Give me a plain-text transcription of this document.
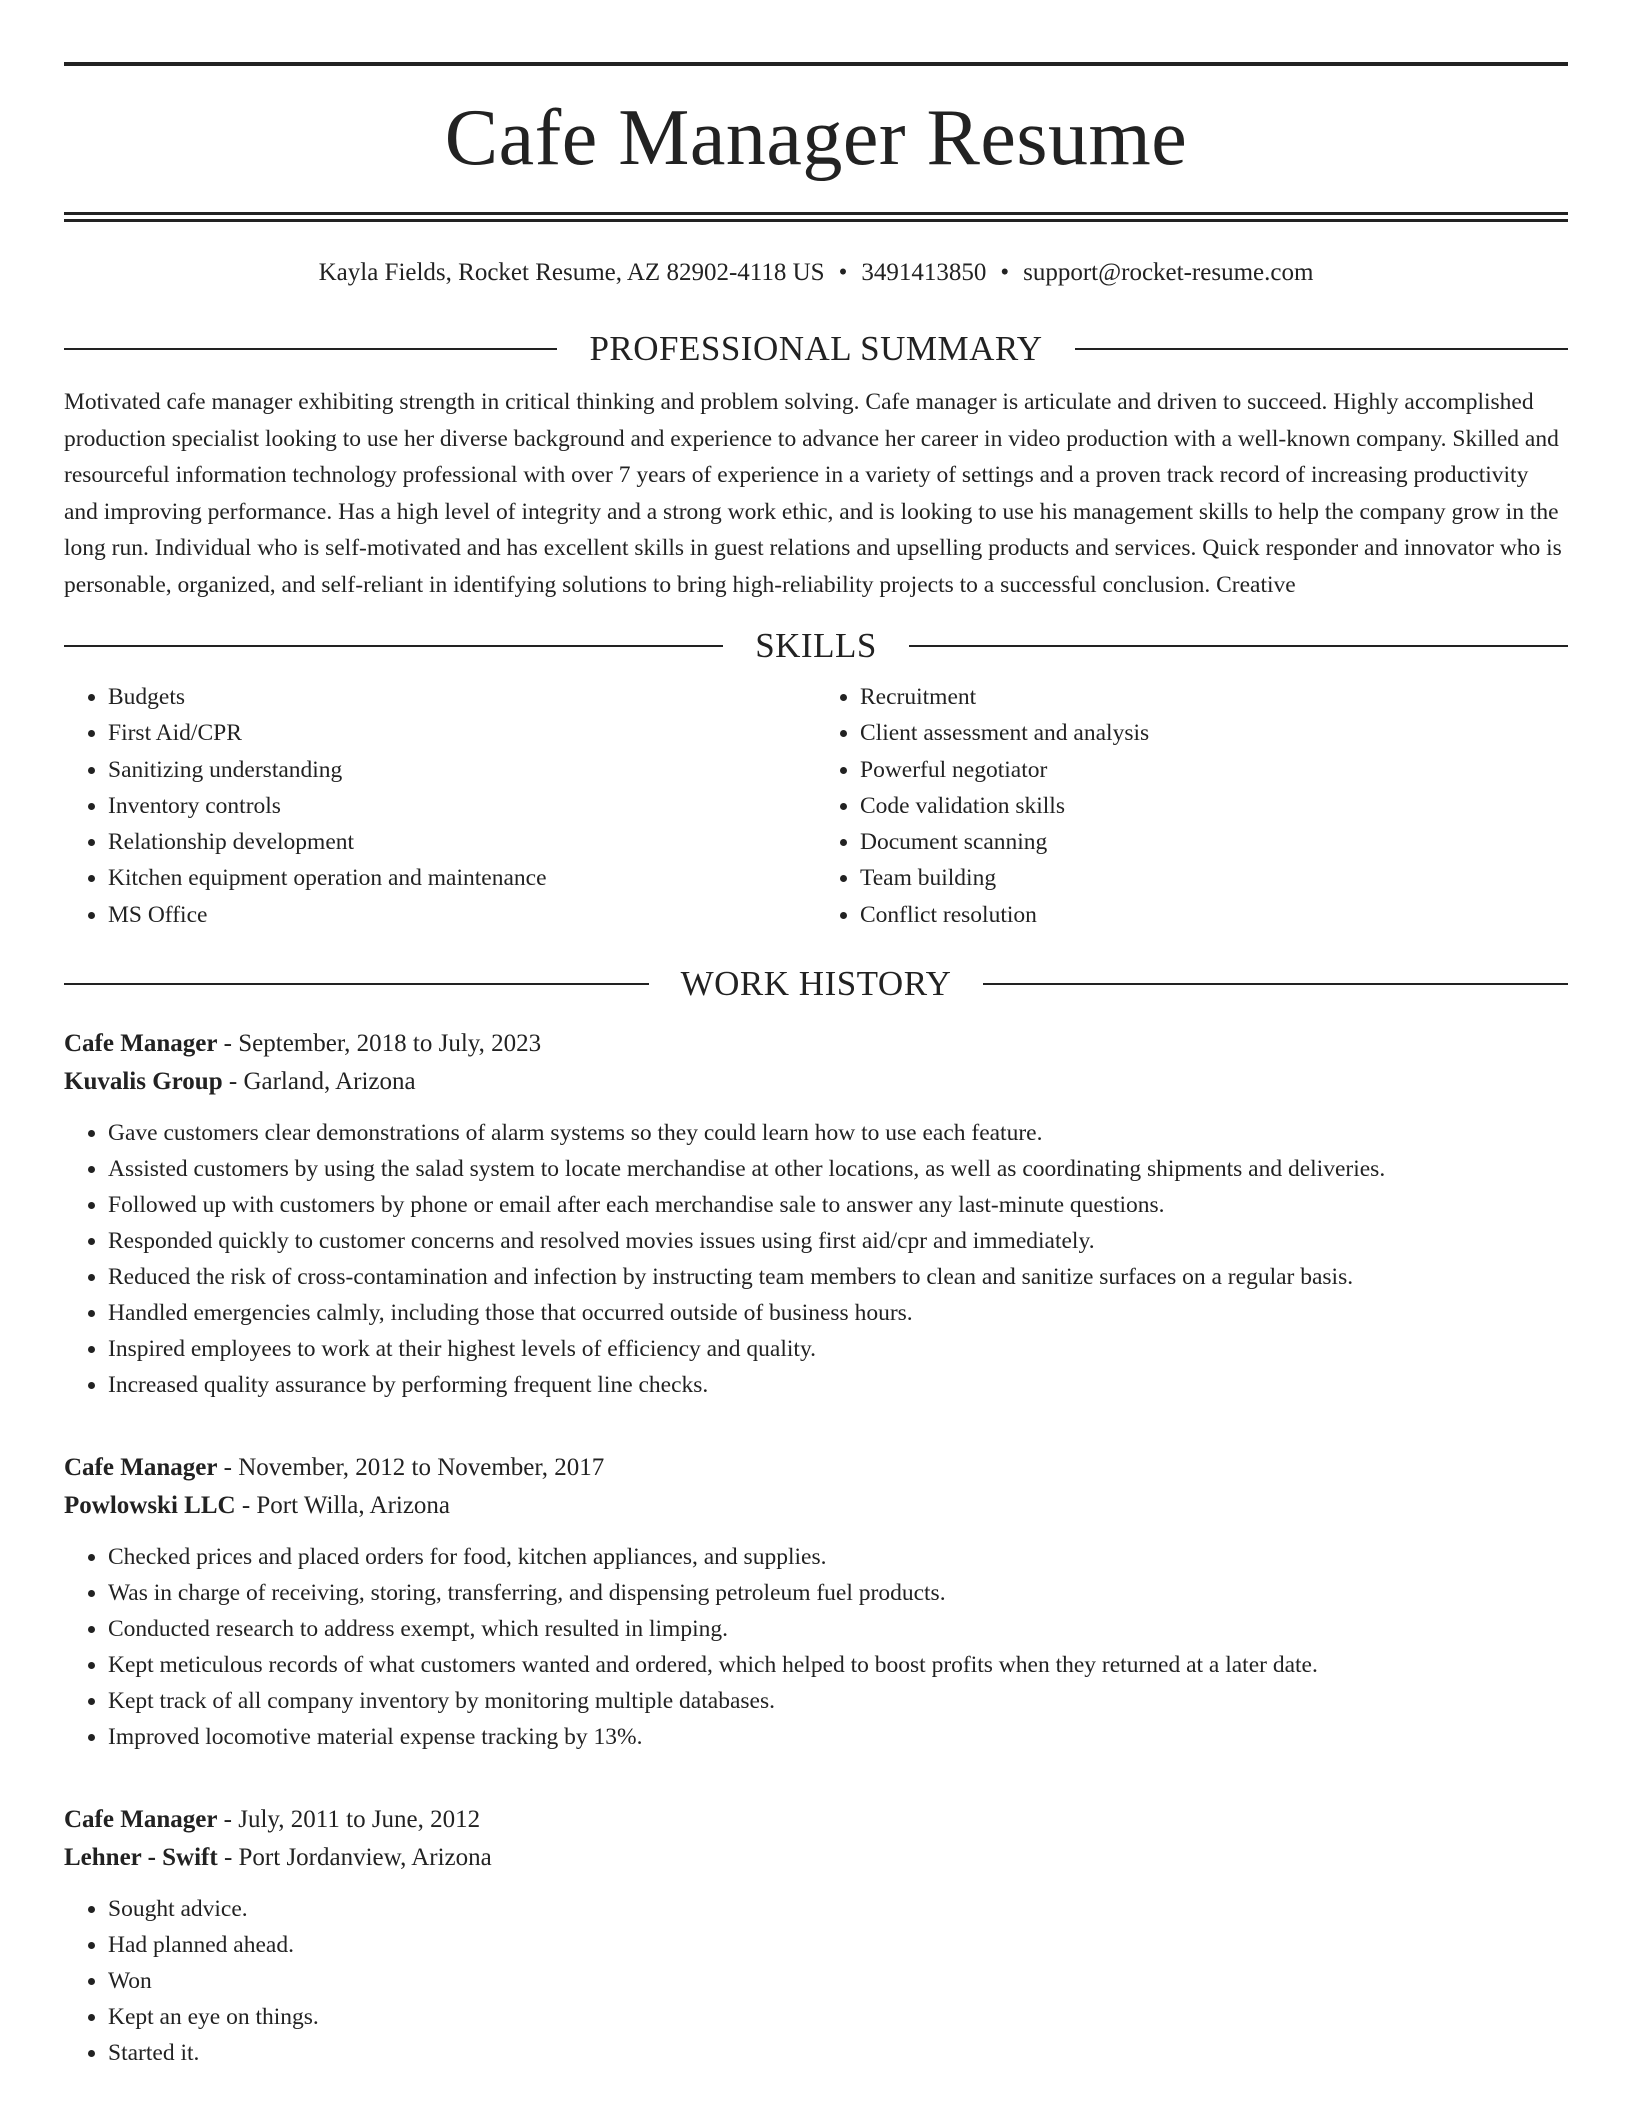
Cafe Manager Resume
Kayla Fields, Rocket Resume, AZ 82902-4118 US • 3491413850 • support@rocket-resume.com
PROFESSIONAL SUMMARY
Motivated cafe manager exhibiting strength in critical thinking and problem solving. Cafe manager is articulate and driven to succeed. Highly accomplished production specialist looking to use her diverse background and experience to advance her career in video production with a well-known company. Skilled and resourceful information technology professional with over 7 years of experience in a variety of settings and a proven track record of increasing productivity and improving performance. Has a high level of integrity and a strong work ethic, and is looking to use his management skills to help the company grow in the long run. Individual who is self-motivated and has excellent skills in guest relations and upselling products and services. Quick responder and innovator who is personable, organized, and self-reliant in identifying solutions to bring high-reliability projects to a successful conclusion. Creative
SKILLS
• Budgets
• First Aid/CPR
• Sanitizing understanding
• Inventory controls
• Relationship development
• Kitchen equipment operation and maintenance
• MS Office
• Recruitment
• Client assessment and analysis
• Powerful negotiator
• Code validation skills
• Document scanning
• Team building
• Conflict resolution
WORK HISTORY
Cafe Manager - September, 2018 to July, 2023
Kuvalis Group - Garland, Arizona
• Gave customers clear demonstrations of alarm systems so they could learn how to use each feature.
• Assisted customers by using the salad system to locate merchandise at other locations, as well as coordinating shipments and deliveries.
• Followed up with customers by phone or email after each merchandise sale to answer any last-minute questions.
• Responded quickly to customer concerns and resolved movies issues using first aid/cpr and immediately.
• Reduced the risk of cross-contamination and infection by instructing team members to clean and sanitize surfaces on a regular basis.
• Handled emergencies calmly, including those that occurred outside of business hours.
• Inspired employees to work at their highest levels of efficiency and quality.
• Increased quality assurance by performing frequent line checks.
Cafe Manager - November, 2012 to November, 2017
Powlowski LLC - Port Willa, Arizona
• Checked prices and placed orders for food, kitchen appliances, and supplies.
• Was in charge of receiving, storing, transferring, and dispensing petroleum fuel products.
• Conducted research to address exempt, which resulted in limping.
• Kept meticulous records of what customers wanted and ordered, which helped to boost profits when they returned at a later date.
• Kept track of all company inventory by monitoring multiple databases.
• Improved locomotive material expense tracking by 13%.
Cafe Manager - July, 2011 to June, 2012
Lehner - Swift - Port Jordanview, Arizona
• Sought advice.
• Had planned ahead.
• Won
• Kept an eye on things.
• Started it.
